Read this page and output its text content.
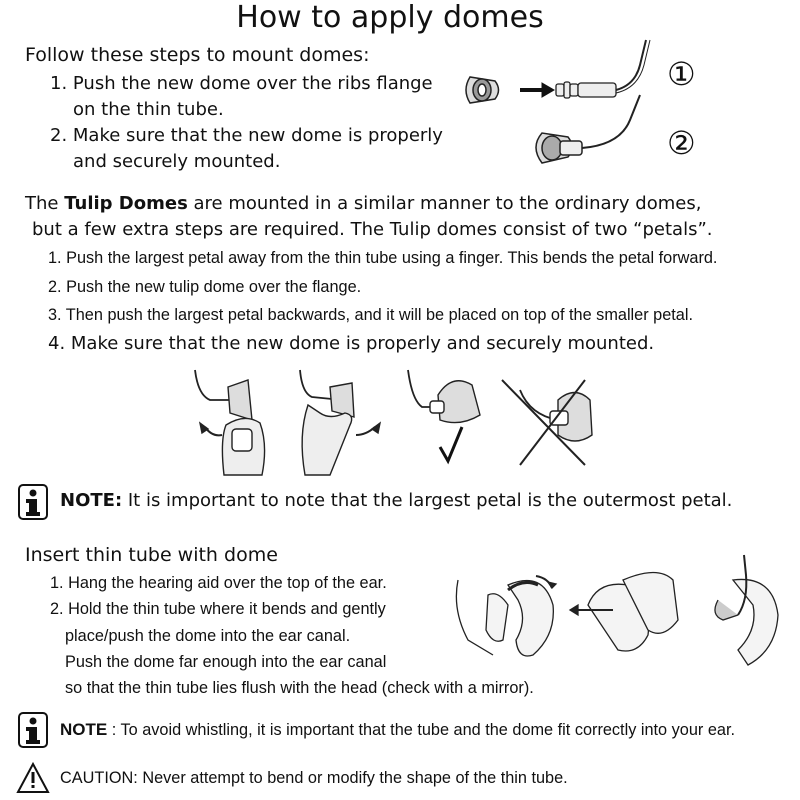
How to apply domes
Follow these steps to mount domes:
1. Push the new dome over the ribs flange
on the thin tube.
2. Make sure that the new dome is properly
and securely mounted.
①
②
The Tulip Domes are mounted in a similar manner to the ordinary domes,
but a few extra steps are required. The Tulip domes consist of two “petals”.
1. Push the largest petal away from the thin tube using a finger. This bends the petal forward.
2. Push the new tulip dome over the flange.
3. Then push the largest petal backwards, and it will be placed on top of the smaller petal.
4. Make sure that the new dome is properly and securely mounted.
NOTE: It is important to note that the largest petal is the outermost petal.
Insert thin tube with dome
1. Hang the hearing aid over the top of the ear.
2. Hold the thin tube where it bends and gently
place/push the dome into the ear canal.
Push the dome far enough into the ear canal
so that the thin tube lies flush with the head (check with a mirror).
NOTE : To avoid whistling, it is important that the tube and the dome fit correctly into your ear.
CAUTION: Never attempt to bend or modify the shape of the thin tube.
